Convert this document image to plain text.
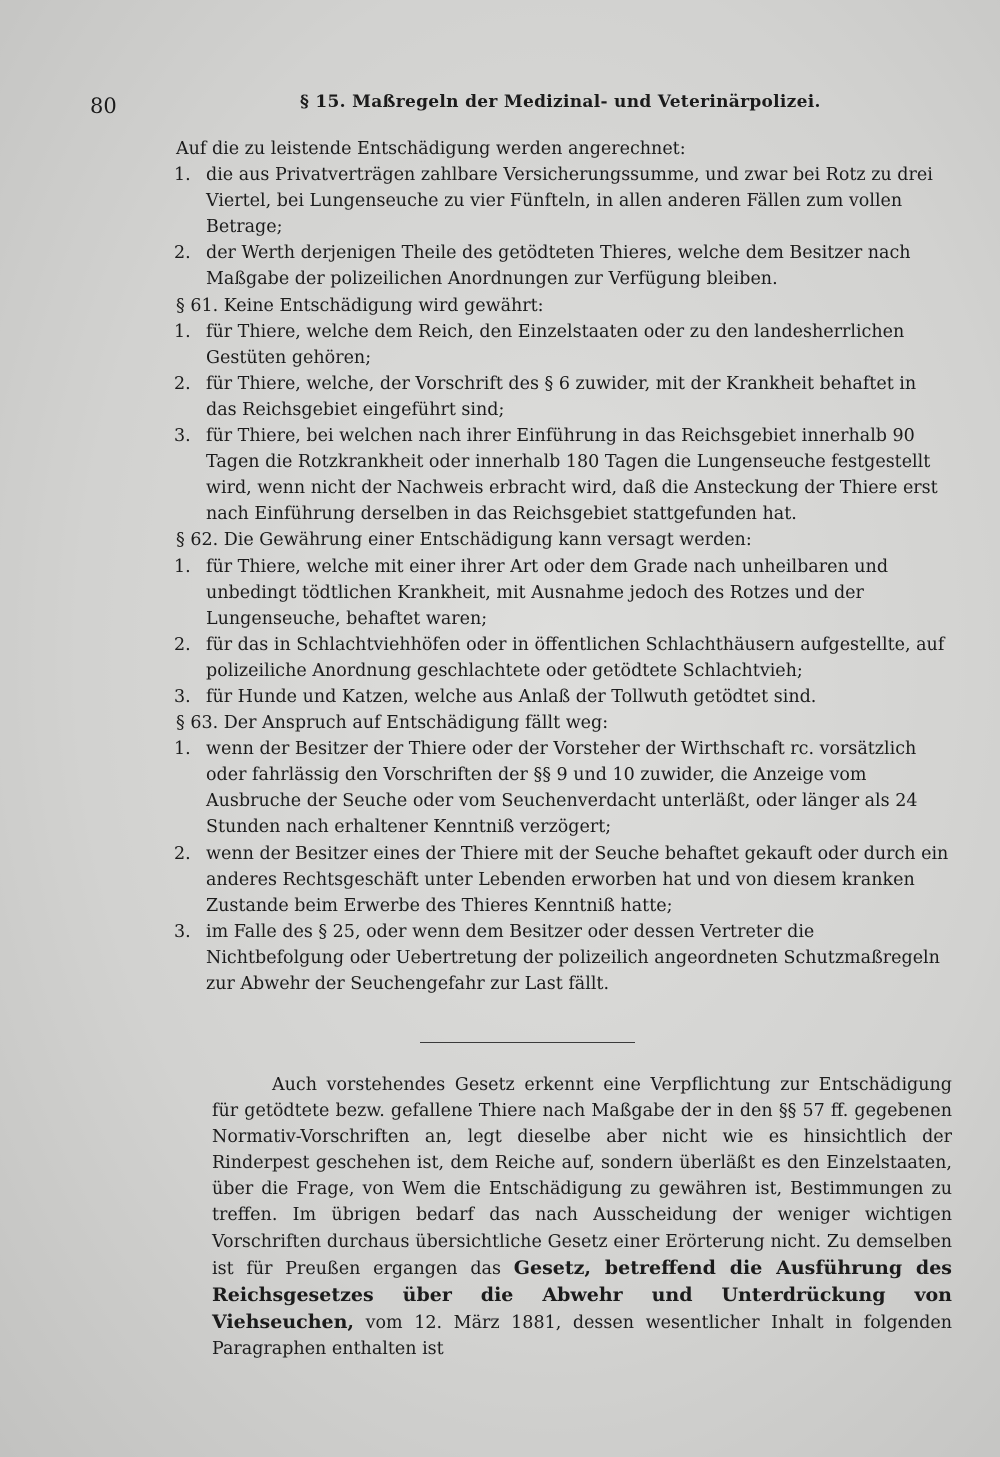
80	§ 15. Maßregeln der Medizinal- und Veterinärpolizei.
Auf die zu leistende Entschädigung werden angerechnet:
1. die aus Privatverträgen zahlbare Versicherungssumme, und zwar bei Rotz zu drei Viertel, bei Lungenseuche zu vier Fünfteln, in allen anderen Fällen zum vollen Betrage;
2. der Werth derjenigen Theile des getödteten Thieres, welche dem Besitzer nach Maßgabe der polizeilichen Anordnungen zur Verfügung bleiben.
§ 61. Keine Entschädigung wird gewährt:
1. für Thiere, welche dem Reich, den Einzelstaaten oder zu den landesherrlichen Gestüten gehören;
2. für Thiere, welche, der Vorschrift des § 6 zuwider, mit der Krankheit behaftet in das Reichsgebiet eingeführt sind;
3. für Thiere, bei welchen nach ihrer Einführung in das Reichsgebiet innerhalb 90 Tagen die Rotzkrankheit oder innerhalb 180 Tagen die Lungenseuche festgestellt wird, wenn nicht der Nachweis erbracht wird, daß die Ansteckung der Thiere erst nach Einführung derselben in das Reichsgebiet stattgefunden hat.
§ 62. Die Gewährung einer Entschädigung kann versagt werden:
1. für Thiere, welche mit einer ihrer Art oder dem Grade nach unheilbaren und unbedingt tödtlichen Krankheit, mit Ausnahme jedoch des Rotzes und der Lungenseuche, behaftet waren;
2. für das in Schlachtviehhöfen oder in öffentlichen Schlachthäusern aufgestellte, auf polizeiliche Anordnung geschlachtete oder getödtete Schlachtvieh;
3. für Hunde und Katzen, welche aus Anlaß der Tollwuth getödtet sind.
§ 63. Der Anspruch auf Entschädigung fällt weg:
1. wenn der Besitzer der Thiere oder der Vorsteher der Wirthschaft rc. vorsätzlich oder fahrlässig den Vorschriften der §§ 9 und 10 zuwider, die Anzeige vom Ausbruche der Seuche oder vom Seuchenverdacht unterläßt, oder länger als 24 Stunden nach erhaltener Kenntniß verzögert;
2. wenn der Besitzer eines der Thiere mit der Seuche behaftet gekauft oder durch ein anderes Rechtsgeschäft unter Lebenden erworben hat und von diesem kranken Zustande beim Erwerbe des Thieres Kenntniß hatte;
3. im Falle des § 25, oder wenn dem Besitzer oder dessen Vertreter die Nichtbefolgung oder Uebertretung der polizeilich angeordneten Schutzmaßregeln zur Abwehr der Seuchengefahr zur Last fällt.
Auch vorstehendes Gesetz erkennt eine Verpflichtung zur Entschädigung für getödtete bezw. gefallene Thiere nach Maßgabe der in den §§ 57 ff. gegebenen Normativ-Vorschriften an, legt dieselbe aber nicht wie es hinsichtlich der Rinderpest geschehen ist, dem Reiche auf, sondern überläßt es den Einzelstaaten, über die Frage, von Wem die Entschädigung zu gewähren ist, Bestimmungen zu treffen. Im übrigen bedarf das nach Ausscheidung der weniger wichtigen Vorschriften durchaus übersichtliche Gesetz einer Erörterung nicht. Zu demselben ist für Preußen ergangen das Gesetz, betreffend die Ausführung des Reichsgesetzes über die Abwehr und Unterdrückung von Viehseuchen, vom 12. März 1881, dessen wesentlicher Inhalt in folgenden Paragraphen enthalten ist
